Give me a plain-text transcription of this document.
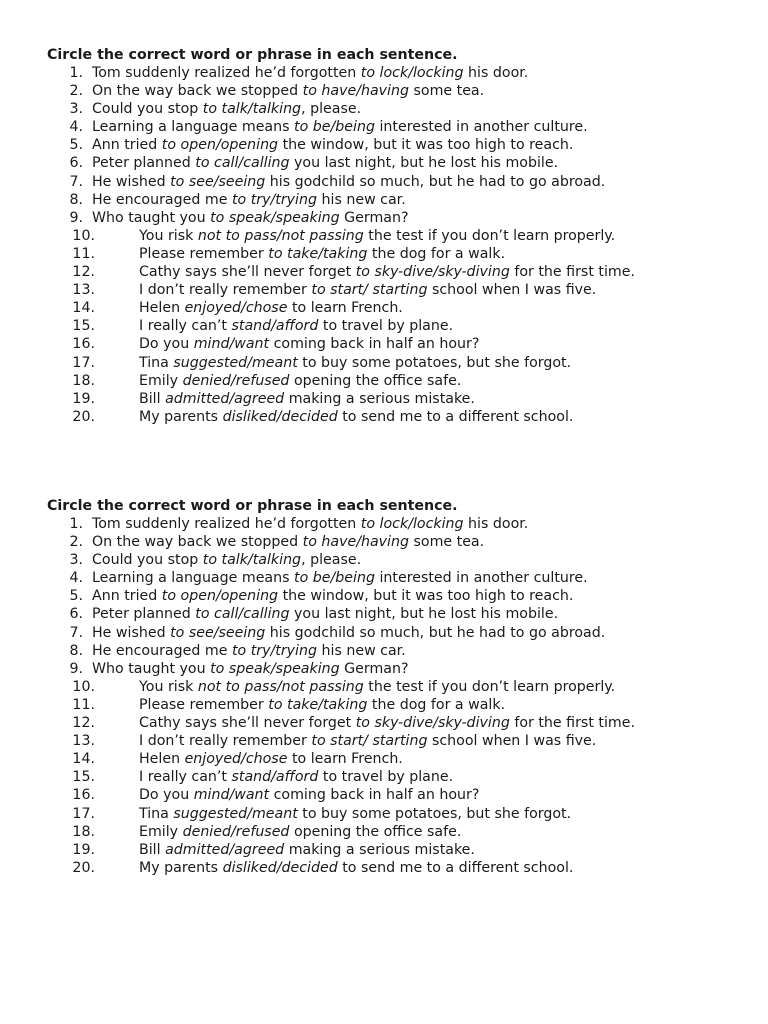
Circle the correct word or phrase in each sentence.

1. Tom suddenly realized he’d forgotten to lock/locking his door.
2. On the way back we stopped to have/having some tea.
3. Could you stop to talk/talking, please.
4. Learning a language means to be/being interested in another culture.
5. Ann tried to open/opening the window, but it was too high to reach.
6. Peter planned to call/calling you last night, but he lost his mobile.
7. He wished to see/seeing his godchild so much, but he had to go abroad.
8. He encouraged me to try/trying his new car.
9. Who taught you to speak/speaking German?
10.	You risk not to pass/not passing the test if you don’t learn properly.
11.	Please remember to take/taking the dog for a walk.
12.	Cathy says she’ll never forget to sky-dive/sky-diving for the first time.
13.	I don’t really remember to start/ starting school when I was five.
14.	Helen enjoyed/chose to learn French.
15.	I really can’t stand/afford to travel by plane.
16.	Do you mind/want coming back in half an hour?
17.	Tina suggested/meant to buy some potatoes, but she forgot.
18.	Emily denied/refused opening the office safe.
19.	Bill admitted/agreed making a serious mistake.
20.	My parents disliked/decided to send me to a different school.

Circle the correct word or phrase in each sentence.

1. Tom suddenly realized he’d forgotten to lock/locking his door.
2. On the way back we stopped to have/having some tea.
3. Could you stop to talk/talking, please.
4. Learning a language means to be/being interested in another culture.
5. Ann tried to open/opening the window, but it was too high to reach.
6. Peter planned to call/calling you last night, but he lost his mobile.
7. He wished to see/seeing his godchild so much, but he had to go abroad.
8. He encouraged me to try/trying his new car.
9. Who taught you to speak/speaking German?
10.	You risk not to pass/not passing the test if you don’t learn properly.
11.	Please remember to take/taking the dog for a walk.
12.	Cathy says she’ll never forget to sky-dive/sky-diving for the first time.
13.	I don’t really remember to start/ starting school when I was five.
14.	Helen enjoyed/chose to learn French.
15.	I really can’t stand/afford to travel by plane.
16.	Do you mind/want coming back in half an hour?
17.	Tina suggested/meant to buy some potatoes, but she forgot.
18.	Emily denied/refused opening the office safe.
19.	Bill admitted/agreed making a serious mistake.
20.	My parents disliked/decided to send me to a different school.
